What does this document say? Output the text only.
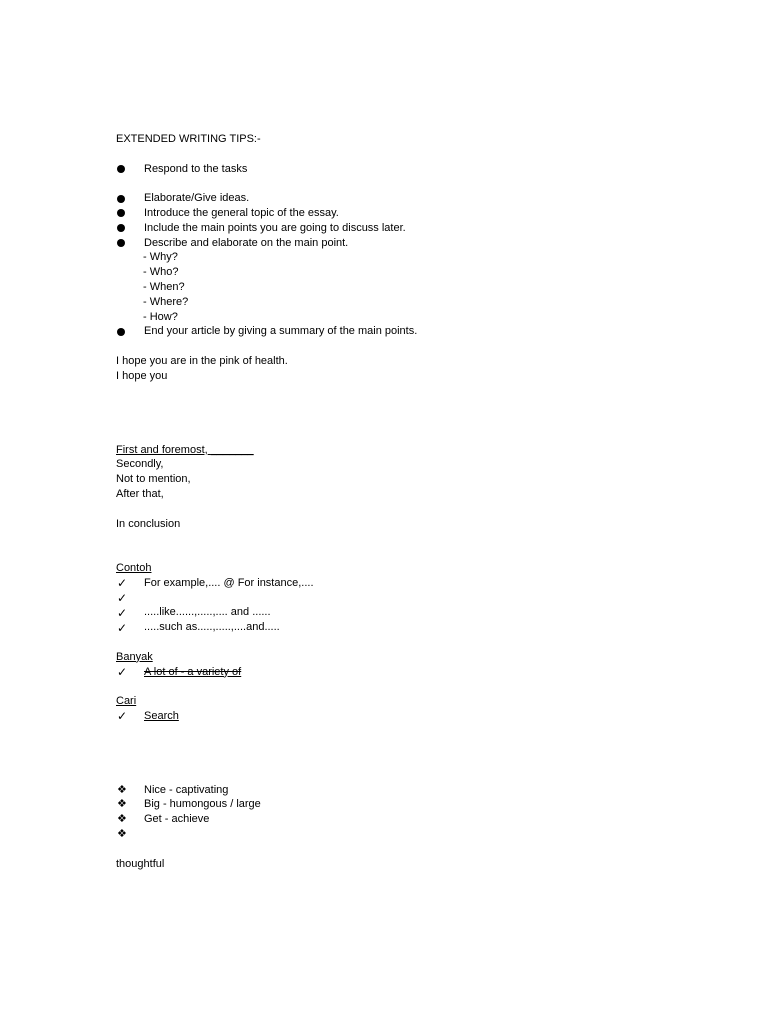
EXTENDED WRITING TIPS:-
Respond to the tasks
Elaborate/Give ideas.
Introduce the general topic of the essay.
Include the main points you are going to discuss later.
Describe and elaborate on the main point.
- Why?
- Who?
- When?
- Where?
- How?
End your article by giving a summary of the main points.
I hope you are in the pink of health.
I hope you
First and foremost, _______
Secondly,
Not to mention,
After that,
In conclusion
Contoh
✓	For example,.... @ For instance,....
✓
✓	.....like......,.....,.... and ......
✓	.....such as.....,.....,....and.....
Banyak
✓	A lot of - a variety of
Cari
✓	Search
❖	Nice - captivating
❖	Big - humongous / large
❖	Get - achieve
❖
thoughtful
